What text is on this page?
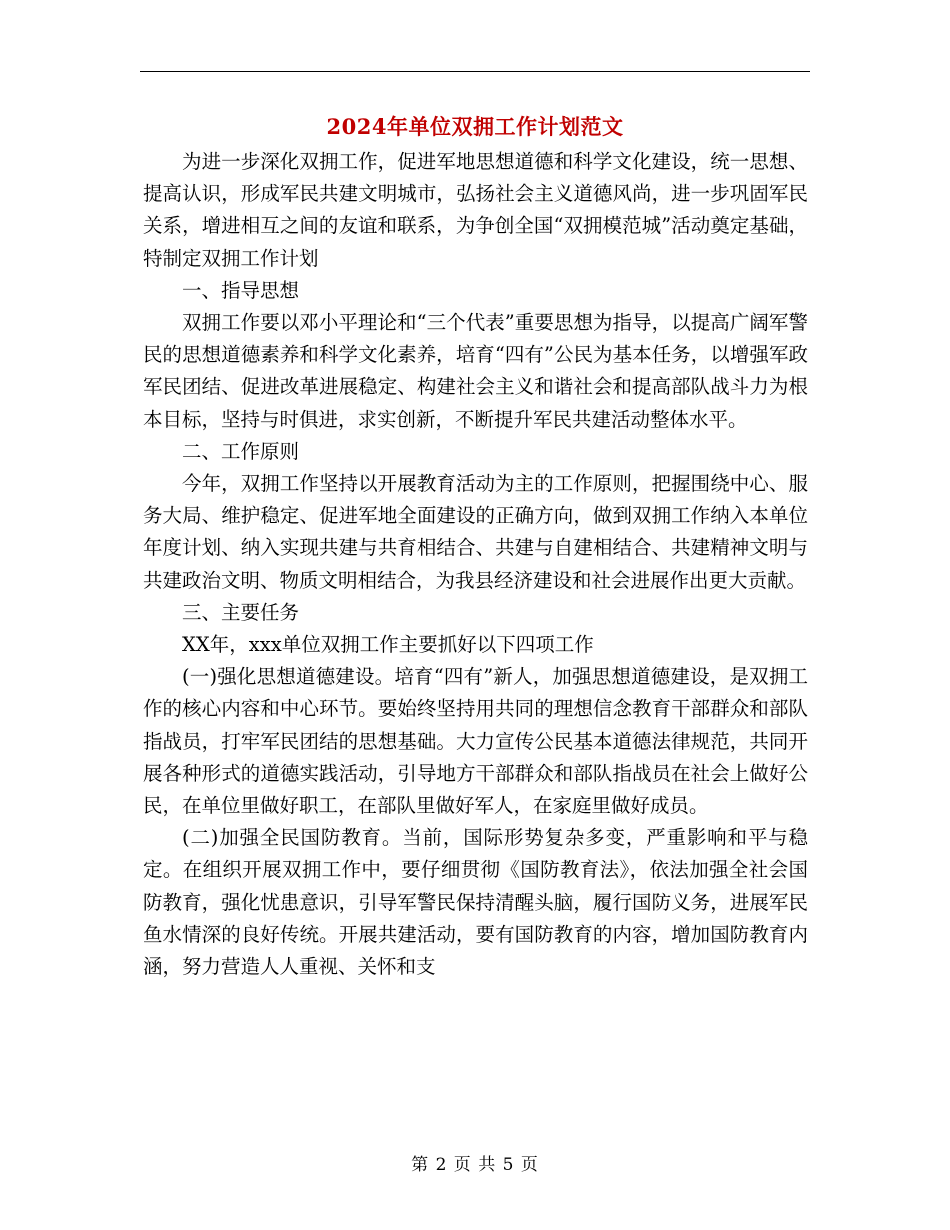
2024年单位双拥工作计划范文

为进一步深化双拥工作，促进军地思想道德和科学文化建设，统一思想、提高认识，形成军民共建文明城市，弘扬社会主义道德风尚，进一步巩固军民关系，增进相互之间的友谊和联系，为争创全国“双拥模范城”活动奠定基础，特制定双拥工作计划

一、指导思想

双拥工作要以邓小平理论和“三个代表”重要思想为指导，以提高广阔军警民的思想道德素养和科学文化素养，培育“四有”公民为基本任务，以增强军政军民团结、促进改革进展稳定、构建社会主义和谐社会和提高部队战斗力为根本目标，坚持与时俱进，求实创新，不断提升军民共建活动整体水平。

二、工作原则

今年，双拥工作坚持以开展教育活动为主的工作原则，把握围绕中心、服务大局、维护稳定、促进军地全面建设的正确方向，做到双拥工作纳入本单位年度计划、纳入实现共建与共育相结合、共建与自建相结合、共建精神文明与共建政治文明、物质文明相结合，为我县经济建设和社会进展作出更大贡献。

三、主要任务

XX年，xxx单位双拥工作主要抓好以下四项工作

(一)强化思想道德建设。培育“四有”新人，加强思想道德建设，是双拥工作的核心内容和中心环节。要始终坚持用共同的理想信念教育干部群众和部队指战员，打牢军民团结的思想基础。大力宣传公民基本道德法律规范，共同开展各种形式的道德实践活动，引导地方干部群众和部队指战员在社会上做好公民，在单位里做好职工，在部队里做好军人，在家庭里做好成员。

(二)加强全民国防教育。当前，国际形势复杂多变，严重影响和平与稳定。在组织开展双拥工作中，要仔细贯彻《国防教育法》，依法加强全社会国防教育，强化忧患意识，引导军警民保持清醒头脑，履行国防义务，进展军民鱼水情深的良好传统。开展共建活动，要有国防教育的内容，增加国防教育内涵，努力营造人人重视、关怀和支

第 2 页 共 5 页
